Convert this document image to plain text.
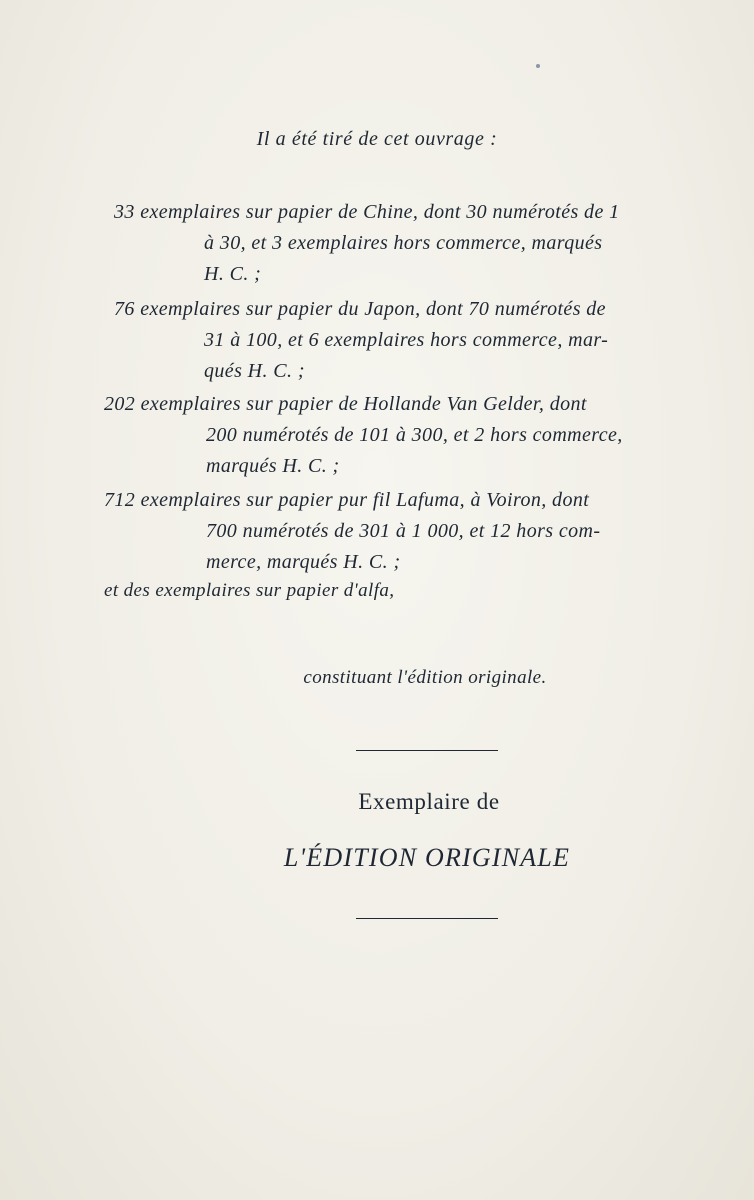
Il a été tiré de cet ouvrage :
33 exemplaires sur papier de Chine, dont 30 numérotés de 1
à 30, et 3 exemplaires hors commerce, marqués
H. C. ;
76 exemplaires sur papier du Japon, dont 70 numérotés de
31 à 100, et 6 exemplaires hors commerce, mar-
qués H. C. ;
202 exemplaires sur papier de Hollande Van Gelder, dont
200 numérotés de 101 à 300, et 2 hors commerce,
marqués H. C. ;
712 exemplaires sur papier pur fil Lafuma, à Voiron, dont
700 numérotés de 301 à 1 000, et 12 hors com-
merce, marqués H. C. ;
et des exemplaires sur papier d'alfa,
constituant l'édition originale.
Exemplaire de
L'ÉDITION ORIGINALE
